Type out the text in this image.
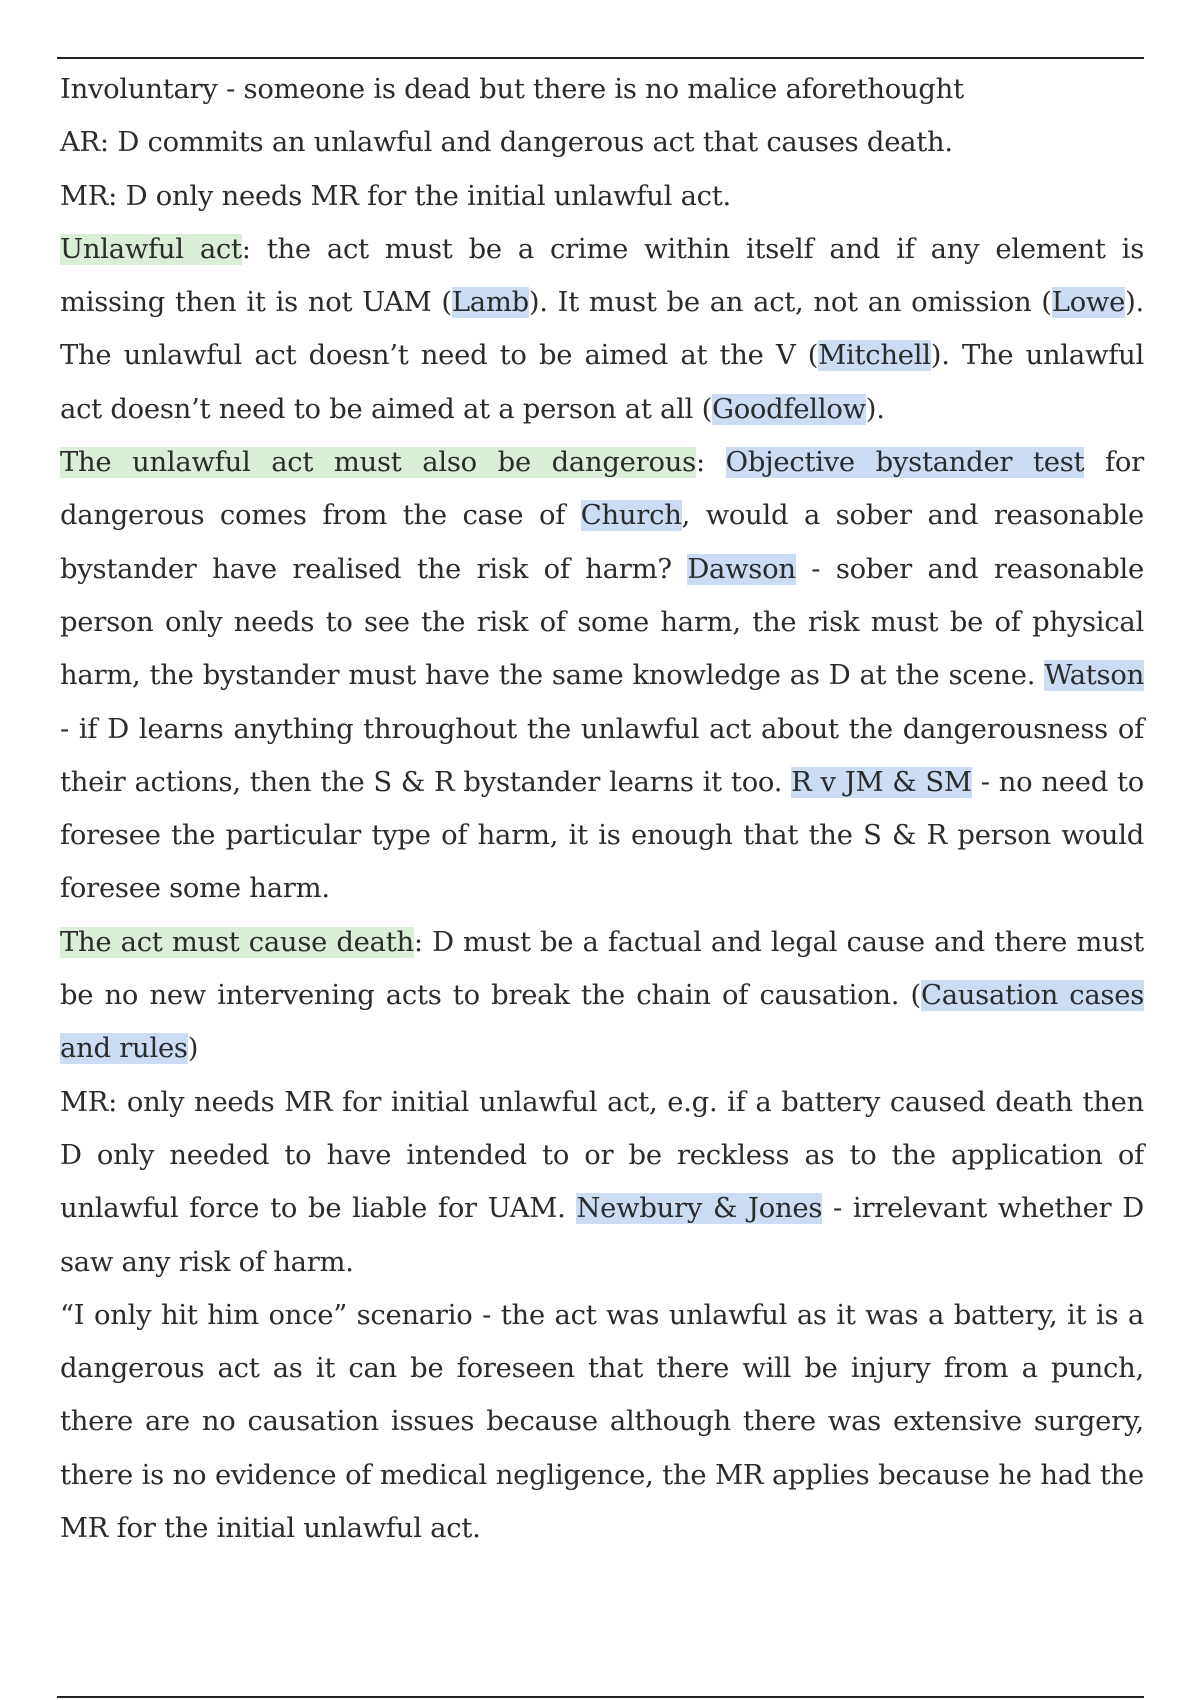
Involuntary - someone is dead but there is no malice aforethought

AR: D commits an unlawful and dangerous act that causes death.

MR: D only needs MR for the initial unlawful act.

Unlawful act: the act must be a crime within itself and if any element is missing then it is not UAM (Lamb). It must be an act, not an omission (Lowe). The unlawful act doesn’t need to be aimed at the V (Mitchell). The unlawful act doesn’t need to be aimed at a person at all (Goodfellow).

The unlawful act must also be dangerous: Objective bystander test for dangerous comes from the case of Church, would a sober and reasonable bystander have realised the risk of harm? Dawson - sober and reasonable person only needs to see the risk of some harm, the risk must be of physical harm, the bystander must have the same knowledge as D at the scene. Watson - if D learns anything throughout the unlawful act about the dangerousness of their actions, then the S & R bystander learns it too. R v JM & SM - no need to foresee the particular type of harm, it is enough that the S & R person would foresee some harm.

The act must cause death: D must be a factual and legal cause and there must be no new intervening acts to break the chain of causation. (Causation cases and rules)

MR: only needs MR for initial unlawful act, e.g. if a battery caused death then D only needed to have intended to or be reckless as to the application of unlawful force to be liable for UAM. Newbury & Jones - irrelevant whether D saw any risk of harm.

“I only hit him once” scenario - the act was unlawful as it was a battery, it is a dangerous act as it can be foreseen that there will be injury from a punch, there are no causation issues because although there was extensive surgery, there is no evidence of medical negligence, the MR applies because he had the MR for the initial unlawful act.
